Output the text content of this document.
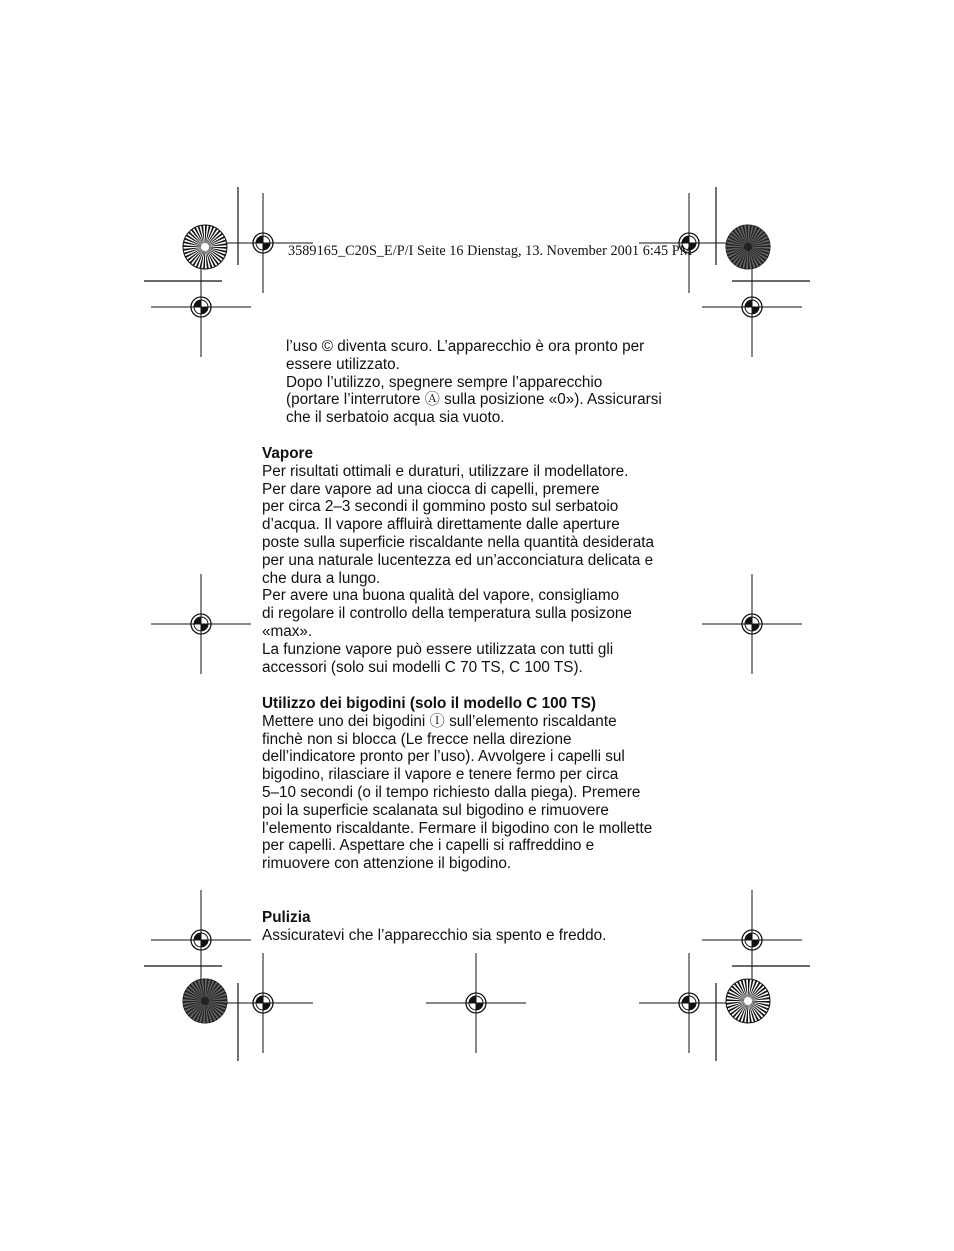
3589165_C20S_E/P/I Seite 16 Dienstag, 13. November 2001 6:45 PM

l’uso © diventa scuro. L’apparecchio è ora pronto per

essere utilizzato.

Dopo l’utilizzo, spegnere sempre l’apparecchio

(portare l’interrutore Ⓐ sulla posizione «0»). Assicurarsi

che il serbatoio acqua sia vuoto.

Vapore

Per risultati ottimali e duraturi, utilizzare il modellatore.

Per dare vapore ad una ciocca di capelli, premere

per circa 2–3 secondi il gommino posto sul serbatoio

d’acqua. Il vapore affluirà direttamente dalle aperture

poste sulla superficie riscaldante nella quantità desiderata

per una naturale lucentezza ed un’acconciatura delicata e

che dura a lungo.

Per avere una buona qualità del vapore, consigliamo

di regolare il controllo della temperatura sulla posizone

«max».

La funzione vapore può essere utilizzata con tutti gli

accessori (solo sui modelli C 70 TS, C 100 TS).

Utilizzo dei bigodini (solo il modello C 100 TS)

Mettere uno dei bigodini Ⓘ sull’elemento riscaldante

finchè non si blocca (Le frecce nella direzione

dell’indicatore pronto per l’uso). Avvolgere i capelli sul

bigodino, rilasciare il vapore e tenere fermo per circa

5–10 secondi (o il tempo richiesto dalla piega). Premere

poi la superficie scalanata sul bigodino e rimuovere

l’elemento riscaldante. Fermare il bigodino con le mollette

per capelli. Aspettare che i capelli si raffreddino e

rimuovere con attenzione il bigodino.

Pulizia

Assicuratevi che l’apparecchio sia spento e freddo.
